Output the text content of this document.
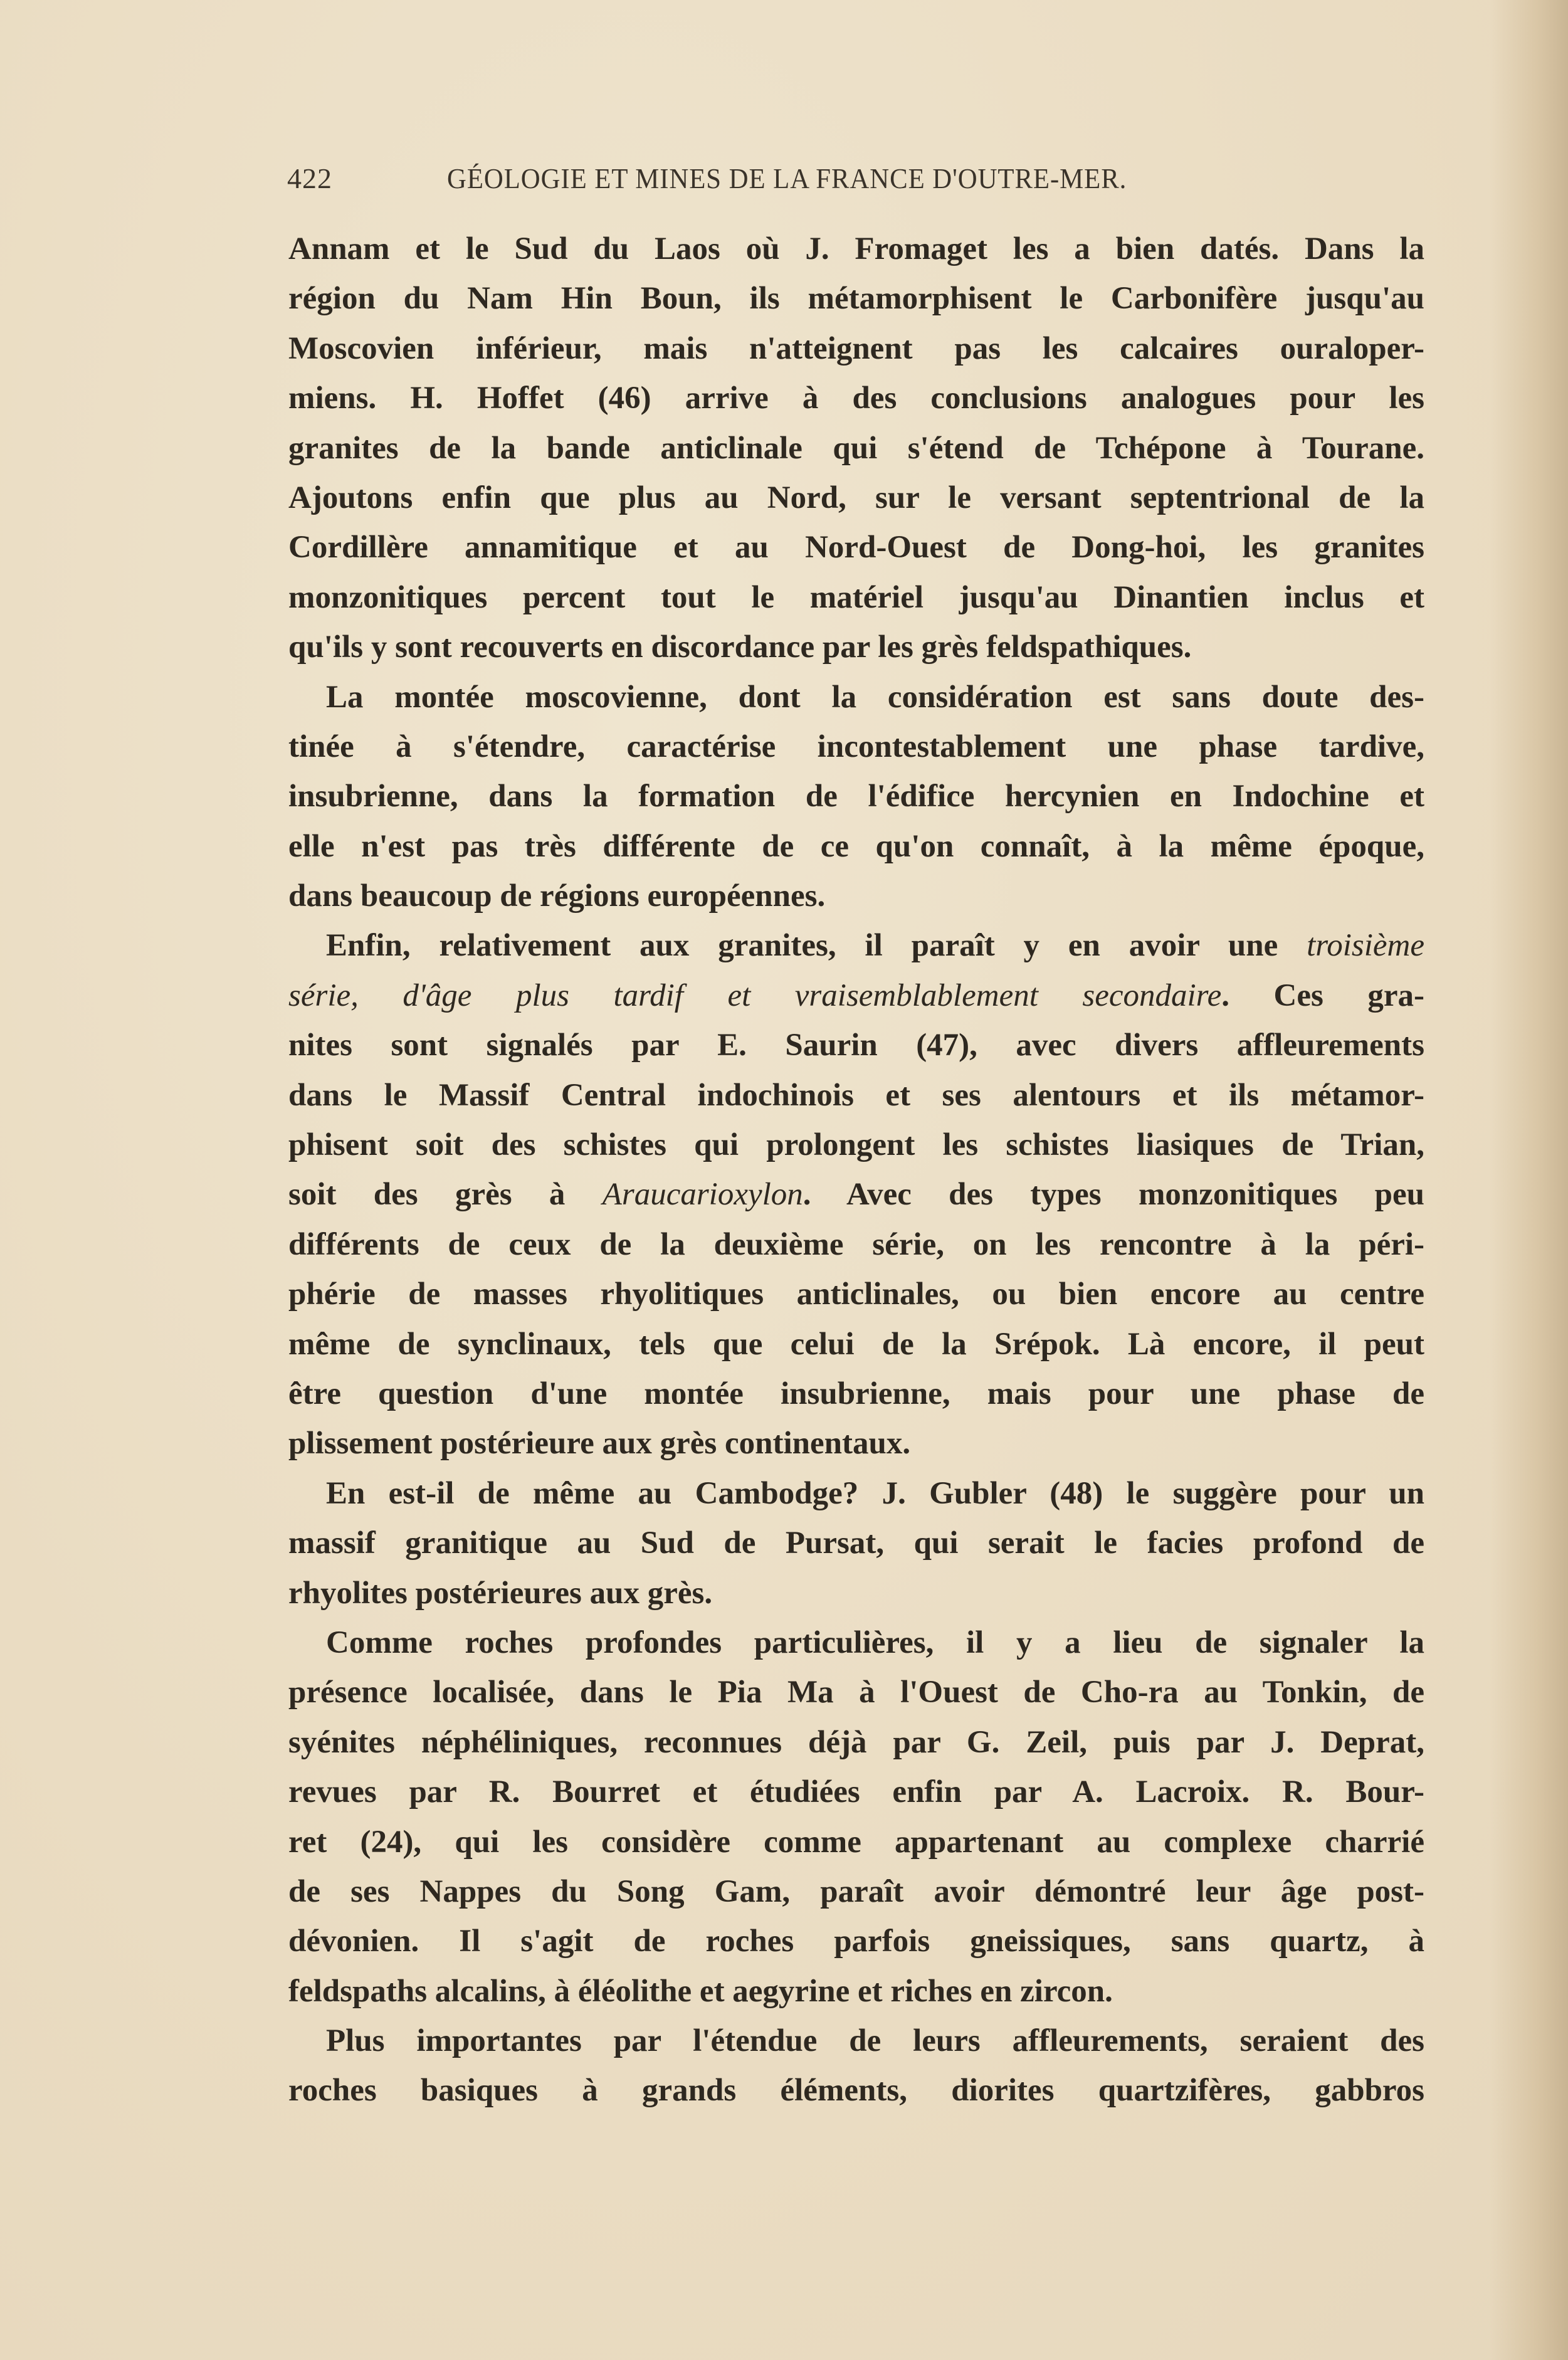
422	GÉOLOGIE ET MINES DE LA FRANCE D'OUTRE-MER.
Annam et le Sud du Laos où J. Fromaget les a bien datés. Dans la
région du Nam Hin Boun, ils métamorphisent le Carbonifère jusqu'au
Moscovien inférieur, mais n'atteignent pas les calcaires ouraloper-
miens. H. Hoffet (46) arrive à des conclusions analogues pour les
granites de la bande anticlinale qui s'étend de Tchépone à Tourane.
Ajoutons enfin que plus au Nord, sur le versant septentrional de la
Cordillère annamitique et au Nord-Ouest de Dong-hoi, les granites
monzonitiques percent tout le matériel jusqu'au Dinantien inclus et
qu'ils y sont recouverts en discordance par les grès feldspathiques.
La montée moscovienne, dont la considération est sans doute des-
tinée à s'étendre, caractérise incontestablement une phase tardive,
insubrienne, dans la formation de l'édifice hercynien en Indochine et
elle n'est pas très différente de ce qu'on connaît, à la même époque,
dans beaucoup de régions européennes.
Enfin, relativement aux granites, il paraît y en avoir une troisième
série, d'âge plus tardif et vraisemblablement secondaire. Ces gra-
nites sont signalés par E. Saurin (47), avec divers affleurements
dans le Massif Central indochinois et ses alentours et ils métamor-
phisent soit des schistes qui prolongent les schistes liasiques de Trian,
soit des grès à Araucarioxylon. Avec des types monzonitiques peu
différents de ceux de la deuxième série, on les rencontre à la péri-
phérie de masses rhyolitiques anticlinales, ou bien encore au centre
même de synclinaux, tels que celui de la Srépok. Là encore, il peut
être question d'une montée insubrienne, mais pour une phase de
plissement postérieure aux grès continentaux.
En est-il de même au Cambodge? J. Gubler (48) le suggère pour un
massif granitique au Sud de Pursat, qui serait le facies profond de
rhyolites postérieures aux grès.
Comme roches profondes particulières, il y a lieu de signaler la
présence localisée, dans le Pia Ma à l'Ouest de Cho-ra au Tonkin, de
syénites néphéliniques, reconnues déjà par G. Zeil, puis par J. Deprat,
revues par R. Bourret et étudiées enfin par A. Lacroix. R. Bour-
ret (24), qui les considère comme appartenant au complexe charrié
de ses Nappes du Song Gam, paraît avoir démontré leur âge post-
dévonien. Il s'agit de roches parfois gneissiques, sans quartz, à
feldspaths alcalins, à éléolithe et aegyrine et riches en zircon.
Plus importantes par l'étendue de leurs affleurements, seraient des
roches basiques à grands éléments, diorites quartzifères, gabbros
